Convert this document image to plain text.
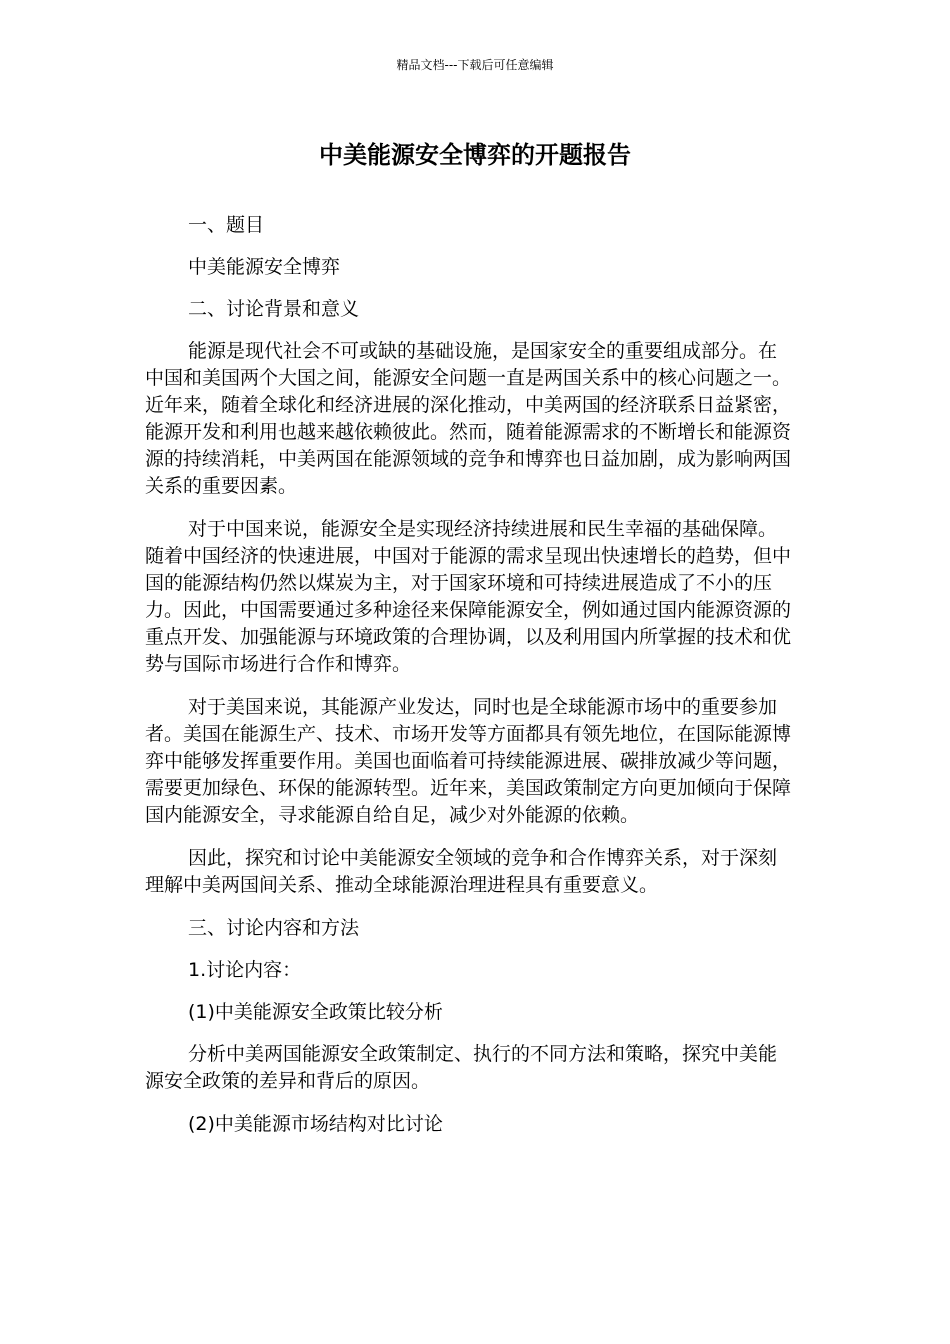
精品文档---下载后可任意编辑
中美能源安全博弈的开题报告

一、题目

中美能源安全博弈

二、讨论背景和意义

能源是现代社会不可或缺的基础设施，是国家安全的重要组成部分。在中国和美国两个大国之间，能源安全问题一直是两国关系中的核心问题之一。近年来，随着全球化和经济进展的深化推动，中美两国的经济联系日益紧密，能源开发和利用也越来越依赖彼此。然而，随着能源需求的不断增长和能源资源的持续消耗，中美两国在能源领域的竞争和博弈也日益加剧，成为影响两国关系的重要因素。

对于中国来说，能源安全是实现经济持续进展和民生幸福的基础保障。随着中国经济的快速进展，中国对于能源的需求呈现出快速增长的趋势，但中国的能源结构仍然以煤炭为主，对于国家环境和可持续进展造成了不小的压力。因此，中国需要通过多种途径来保障能源安全，例如通过国内能源资源的重点开发、加强能源与环境政策的合理协调，以及利用国内所掌握的技术和优势与国际市场进行合作和博弈。

对于美国来说，其能源产业发达，同时也是全球能源市场中的重要参加者。美国在能源生产、技术、市场开发等方面都具有领先地位，在国际能源博弈中能够发挥重要作用。美国也面临着可持续能源进展、碳排放减少等问题，需要更加绿色、环保的能源转型。近年来，美国政策制定方向更加倾向于保障国内能源安全，寻求能源自给自足，减少对外能源的依赖。

因此，探究和讨论中美能源安全领域的竞争和合作博弈关系，对于深刻理解中美两国间关系、推动全球能源治理进程具有重要意义。

三、讨论内容和方法

1.讨论内容：

(1)中美能源安全政策比较分析

分析中美两国能源安全政策制定、执行的不同方法和策略，探究中美能源安全政策的差异和背后的原因。

(2)中美能源市场结构对比讨论
